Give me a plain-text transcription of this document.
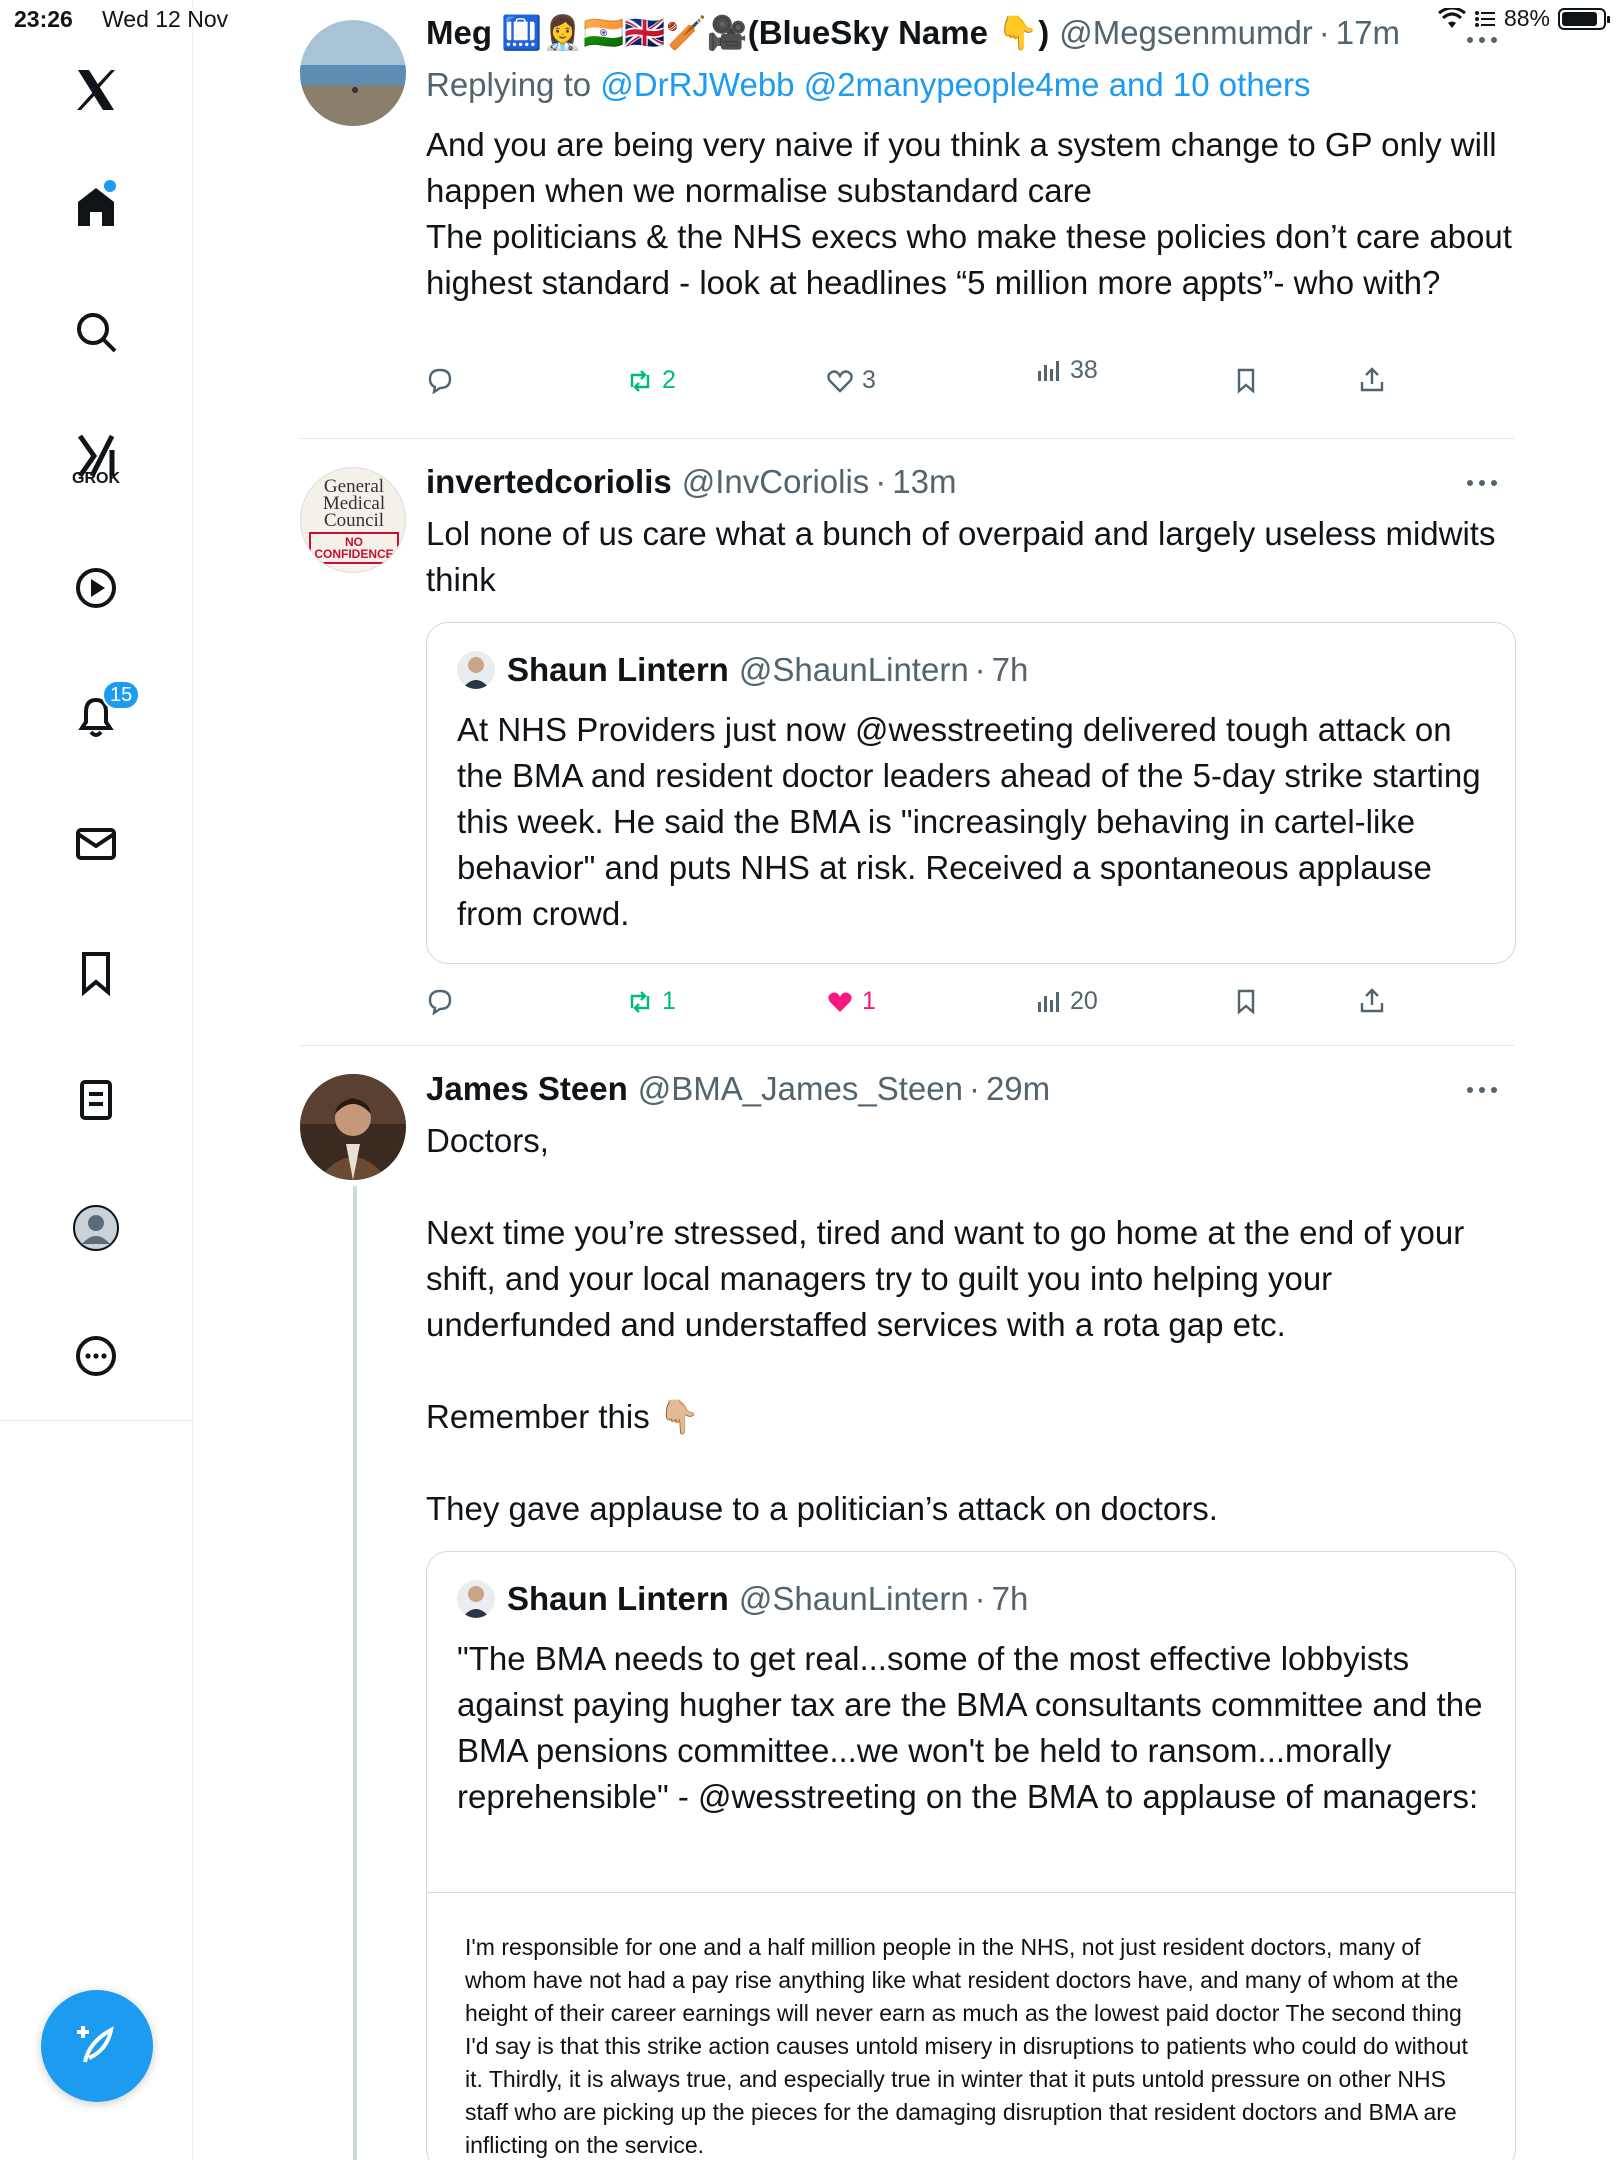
23:26 Wed 12 Nov	88%
GROK
15
Meg 🛄👩‍⚕️🇮🇳🇬🇧🏏🎥(BlueSky Name 👇) @Megsenmumdr · 17m
Replying to @DrRJWebb @2manypeople4me and 10 others
And you are being very naive if you think a system change to GP only will happen when we normalise substandard care
The politicians & the NHS execs who make these policies don’t care about highest standard - look at headlines “5 million more appts”- who with?
2	3	38
General
Medical
Council
NO
CONFIDENCE
invertedcoriolis @InvCoriolis · 13m
Lol none of us care what a bunch of overpaid and largely useless midwits think
Shaun Lintern @ShaunLintern · 7h
At NHS Providers just now @wesstreeting delivered tough attack on the BMA and resident doctor leaders ahead of the 5-day strike starting this week. He said the BMA is "increasingly behaving in cartel-like behavior" and puts NHS at risk. Received a spontaneous applause from crowd.
1	1	20
James Steen @BMA_James_Steen · 29m
Doctors,

Next time you’re stressed, tired and want to go home at the end of your shift, and your local managers try to guilt you into helping your underfunded and understaffed services with a rota gap etc.

Remember this 👇🏼

They gave applause to a politician’s attack on doctors.
Shaun Lintern @ShaunLintern · 7h
"The BMA needs to get real...some of the most effective lobbyists against paying hugher tax are the BMA consultants committee and the BMA pensions committee...we won't be held to ransom...morally reprehensible" - @wesstreeting on the BMA to applause of managers:
I'm responsible for one and a half million people in the NHS, not just resident doctors, many of whom have not had a pay rise anything like what resident doctors have, and many of whom at the height of their career earnings will never earn as much as the lowest paid doctor The second thing I'd say is that this strike action causes untold misery in disruptions to patients who could do without it. Thirdly, it is always true, and especially true in winter that it puts untold pressure on other NHS staff who are picking up the pieces for the damaging disruption that resident doctors and BMA are inflicting on the service.
